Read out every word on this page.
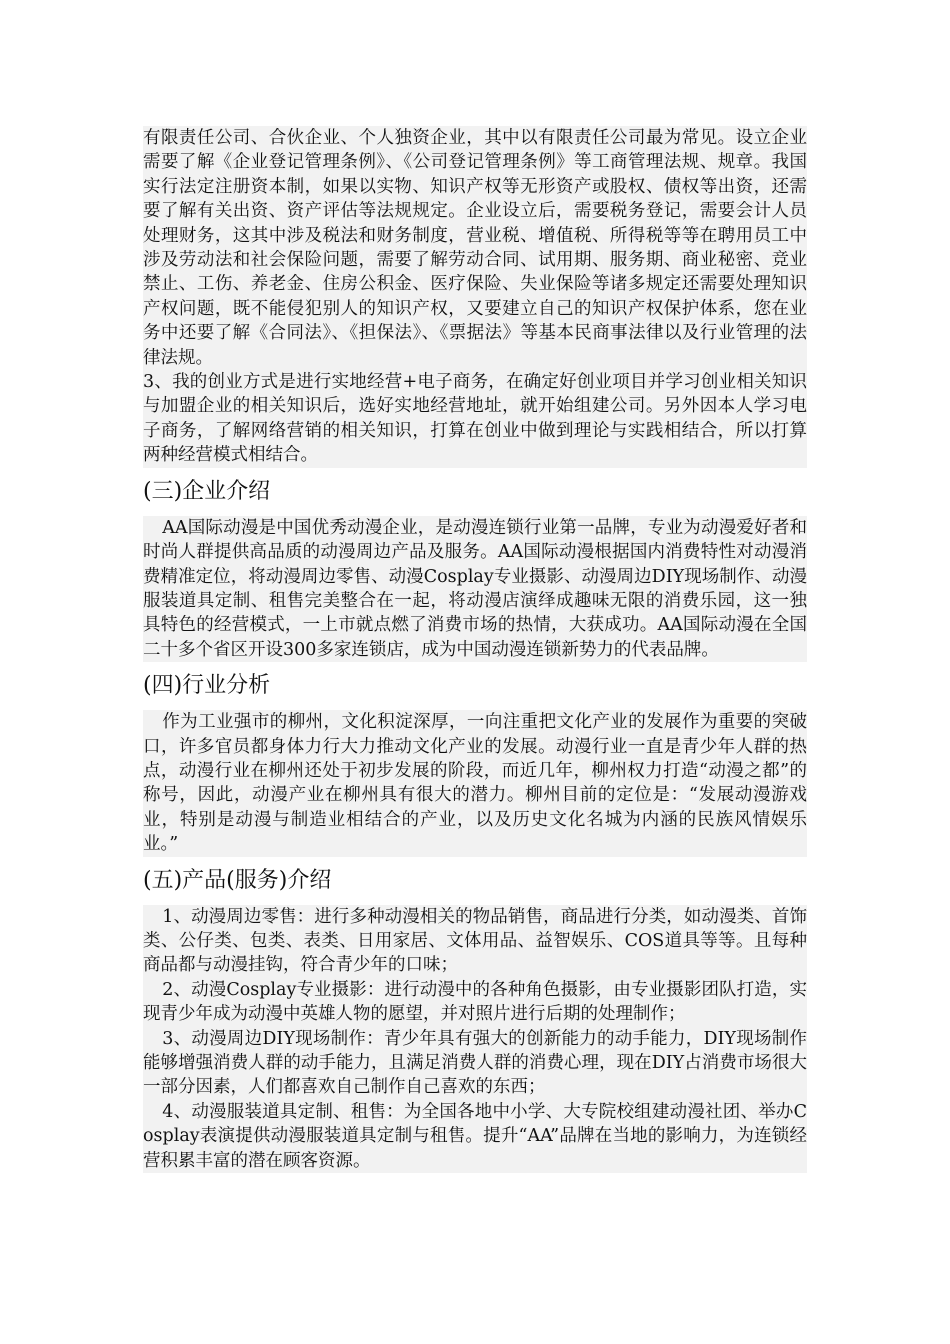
有限责任公司、合伙企业、个人独资企业，其中以有限责任公司最为常见。设立企业需要了解《企业登记管理条例》、《公司登记管理条例》等工商管理法规、规章。我国实行法定注册资本制，如果以实物、知识产权等无形资产或股权、债权等出资，还需要了解有关出资、资产评估等法规规定。企业设立后，需要税务登记，需要会计人员处理财务，这其中涉及税法和财务制度，营业税、增值税、所得税等等在聘用员工中涉及劳动法和社会保险问题，需要了解劳动合同、试用期、服务期、商业秘密、竞业禁止、工伤、养老金、住房公积金、医疗保险、失业保险等诸多规定还需要处理知识产权问题，既不能侵犯别人的知识产权，又要建立自己的知识产权保护体系，您在业务中还要了解《合同法》、《担保法》、《票据法》等基本民商事法律以及行业管理的法律法规。

3、我的创业方式是进行实地经营+电子商务，在确定好创业项目并学习创业相关知识与加盟企业的相关知识后，选好实地经营地址，就开始组建公司。另外因本人学习电子商务，了解网络营销的相关知识，打算在创业中做到理论与实践相结合，所以打算两种经营模式相结合。

(三)企业介绍

AA国际动漫是中国优秀动漫企业，是动漫连锁行业第一品牌，专业为动漫爱好者和时尚人群提供高品质的动漫周边产品及服务。AA国际动漫根据国内消费特性对动漫消费精准定位，将动漫周边零售、动漫Cosplay专业摄影、动漫周边DIY现场制作、动漫服装道具定制、租售完美整合在一起，将动漫店演绎成趣味无限的消费乐园，这一独具特色的经营模式，一上市就点燃了消费市场的热情，大获成功。AA国际动漫在全国二十多个省区开设300多家连锁店，成为中国动漫连锁新势力的代表品牌。

(四)行业分析

作为工业强市的柳州，文化积淀深厚，一向注重把文化产业的发展作为重要的突破口，许多官员都身体力行大力推动文化产业的发展。动漫行业一直是青少年人群的热点，动漫行业在柳州还处于初步发展的阶段，而近几年，柳州权力打造“动漫之都”的称号，因此，动漫产业在柳州具有很大的潜力。柳州目前的定位是：“发展动漫游戏业，特别是动漫与制造业相结合的产业，以及历史文化名城为内涵的民族风情娱乐业。”

(五)产品(服务)介绍

1、动漫周边零售：进行多种动漫相关的物品销售，商品进行分类，如动漫类、首饰类、公仔类、包类、表类、日用家居、文体用品、益智娱乐、COS道具等等。且每种商品都与动漫挂钩，符合青少年的口味；

2、动漫Cosplay专业摄影：进行动漫中的各种角色摄影，由专业摄影团队打造，实现青少年成为动漫中英雄人物的愿望，并对照片进行后期的处理制作；

3、动漫周边DIY现场制作：青少年具有强大的创新能力的动手能力，DIY现场制作能够增强消费人群的动手能力，且满足消费人群的消费心理，现在DIY占消费市场很大一部分因素，人们都喜欢自己制作自己喜欢的东西；

4、动漫服装道具定制、租售：为全国各地中小学、大专院校组建动漫社团、举办Cosplay表演提供动漫服装道具定制与租售。提升“AA”品牌在当地的影响力，为连锁经营积累丰富的潜在顾客资源。
